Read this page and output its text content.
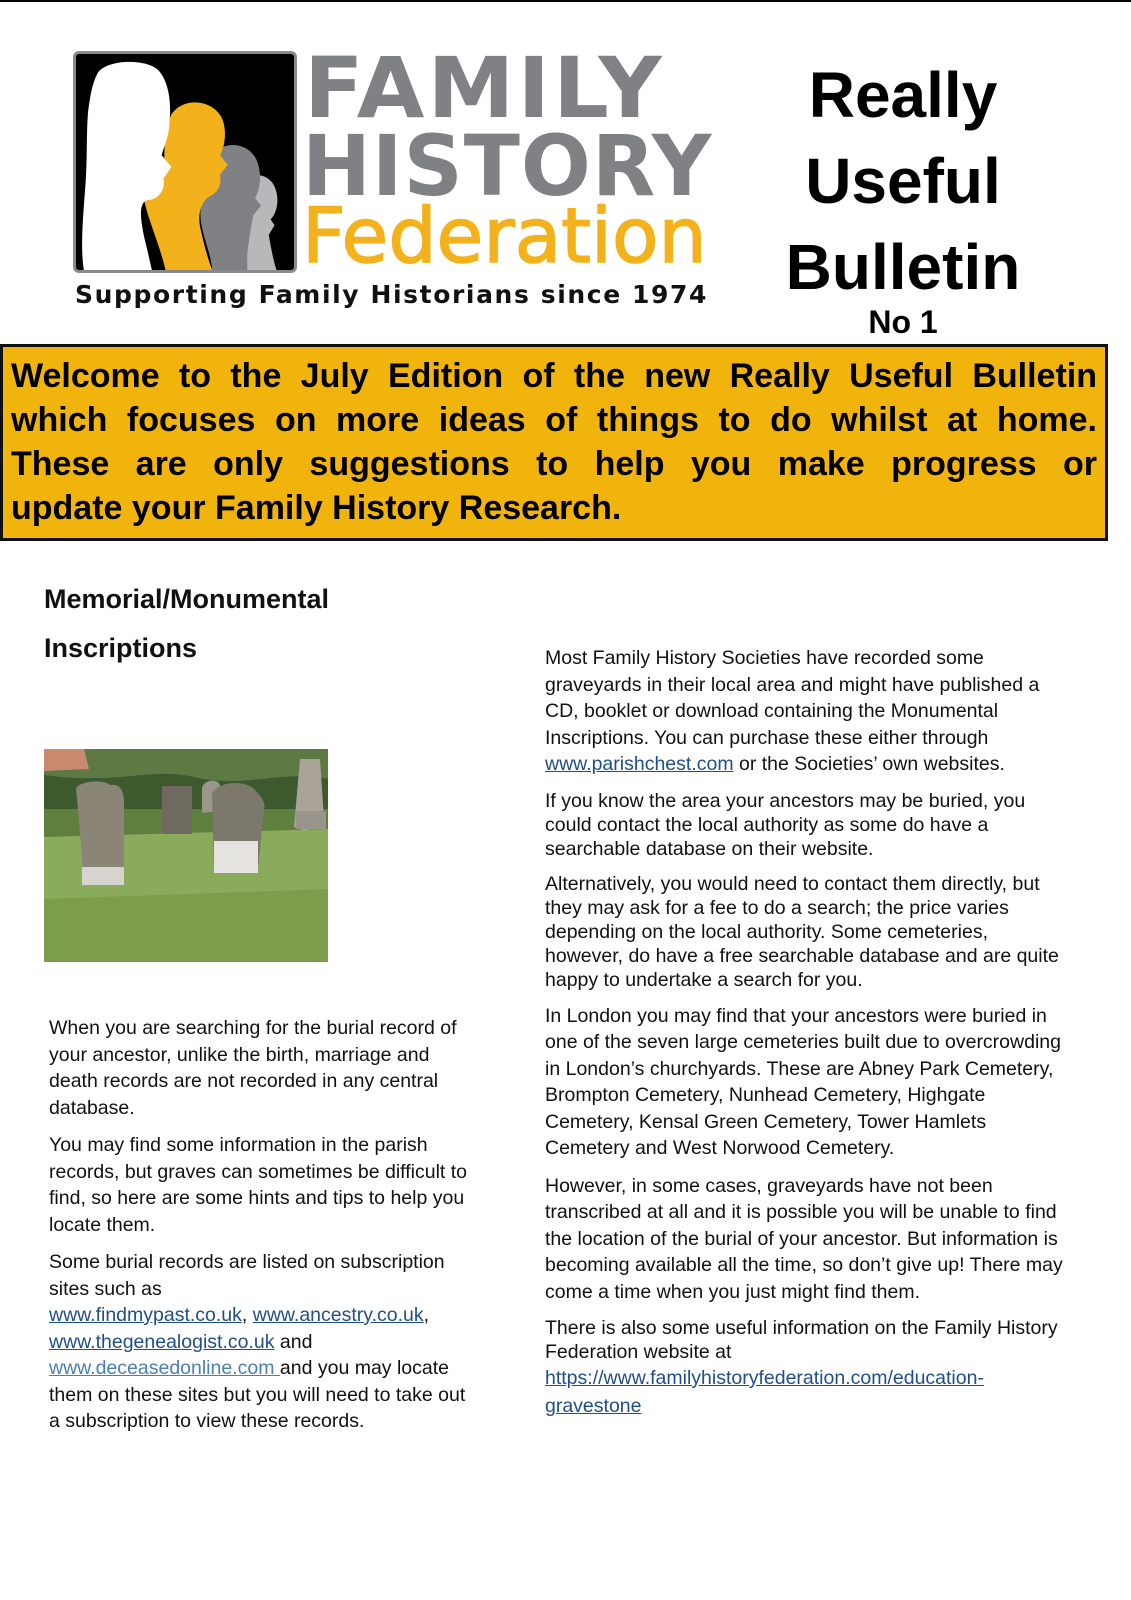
FAMILY
HISTORY
Federation
Supporting Family Historians since 1974
Really
Useful
Bulletin
No 1

Welcome to the July Edition of the new Really Useful Bulletin
which focuses on more ideas of things to do whilst at home.
These are only suggestions to help you make progress or
update your Family History Research.

Memorial/Monumental
Inscriptions

When you are searching for the burial record of your ancestor, unlike the birth, marriage and death records are not recorded in any central database.

You may find some information in the parish records, but graves can sometimes be difficult to find, so here are some hints and tips to help you locate them.

Some burial records are listed on subscription sites such as
www.findmypast.co.uk, www.ancestry.co.uk,
www.thegenealogist.co.uk and
www.deceasedonline.com and you may locate them on these sites but you will need to take out a subscription to view these records.

Most Family History Societies have recorded some graveyards in their local area and might have published a CD, booklet or download containing the Monumental Inscriptions. You can purchase these either through www.parishchest.com or the Societies’ own websites.

If you know the area your ancestors may be buried, you could contact the local authority as some do have a searchable database on their website.

Alternatively, you would need to contact them directly, but they may ask for a fee to do a search; the price varies depending on the local authority. Some cemeteries, however, do have a free searchable database and are quite happy to undertake a search for you.

In London you may find that your ancestors were buried in one of the seven large cemeteries built due to overcrowding in London’s churchyards. These are Abney Park Cemetery, Brompton Cemetery, Nunhead Cemetery, Highgate Cemetery, Kensal Green Cemetery, Tower Hamlets Cemetery and West Norwood Cemetery.

However, in some cases, graveyards have not been transcribed at all and it is possible you will be unable to find the location of the burial of your ancestor. But information is becoming available all the time, so don’t give up! There may come a time when you just might find them.

There is also some useful information on the Family History Federation website at
https://www.familyhistoryfederation.com/education-
gravestone
